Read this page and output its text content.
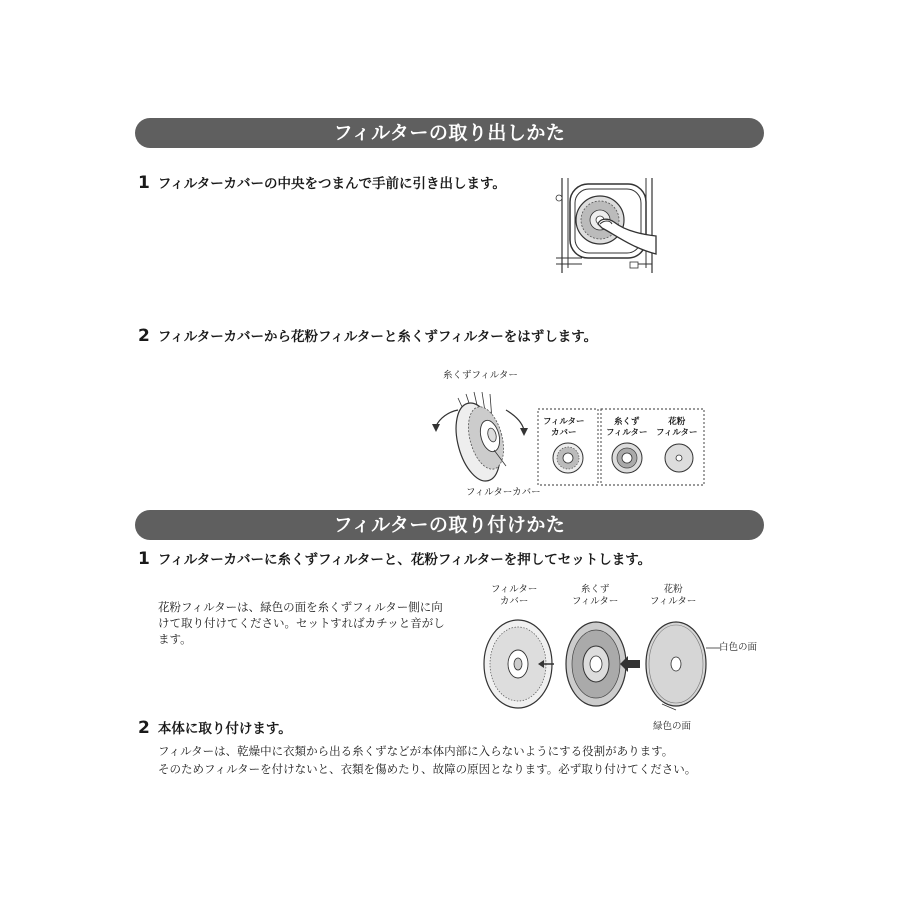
フィルターの取り出しかた
1 フィルターカバーの中央をつまんで手前に引き出します。
2 フィルターカバーから花粉フィルターと糸くずフィルターをはずします。
糸くずフィルター
フィルターカバー
フィルター
カバー
糸くず
フィルター
花粉
フィルター
フィルターの取り付けかた
1 フィルターカバーに糸くずフィルターと、花粉フィルターを押してセットします。
花粉フィルターは、緑色の面を糸くずフィルター側に向けて取り付けてください。セットすればカチッと音がします。
フィルター
カバー
糸くず
フィルター
花粉
フィルター
白色の面
緑色の面
2 本体に取り付けます。
フィルターは、乾燥中に衣類から出る糸くずなどが本体内部に入らないようにする役割があります。
そのためフィルターを付けないと、衣類を傷めたり、故障の原因となります。必ず取り付けてください。
